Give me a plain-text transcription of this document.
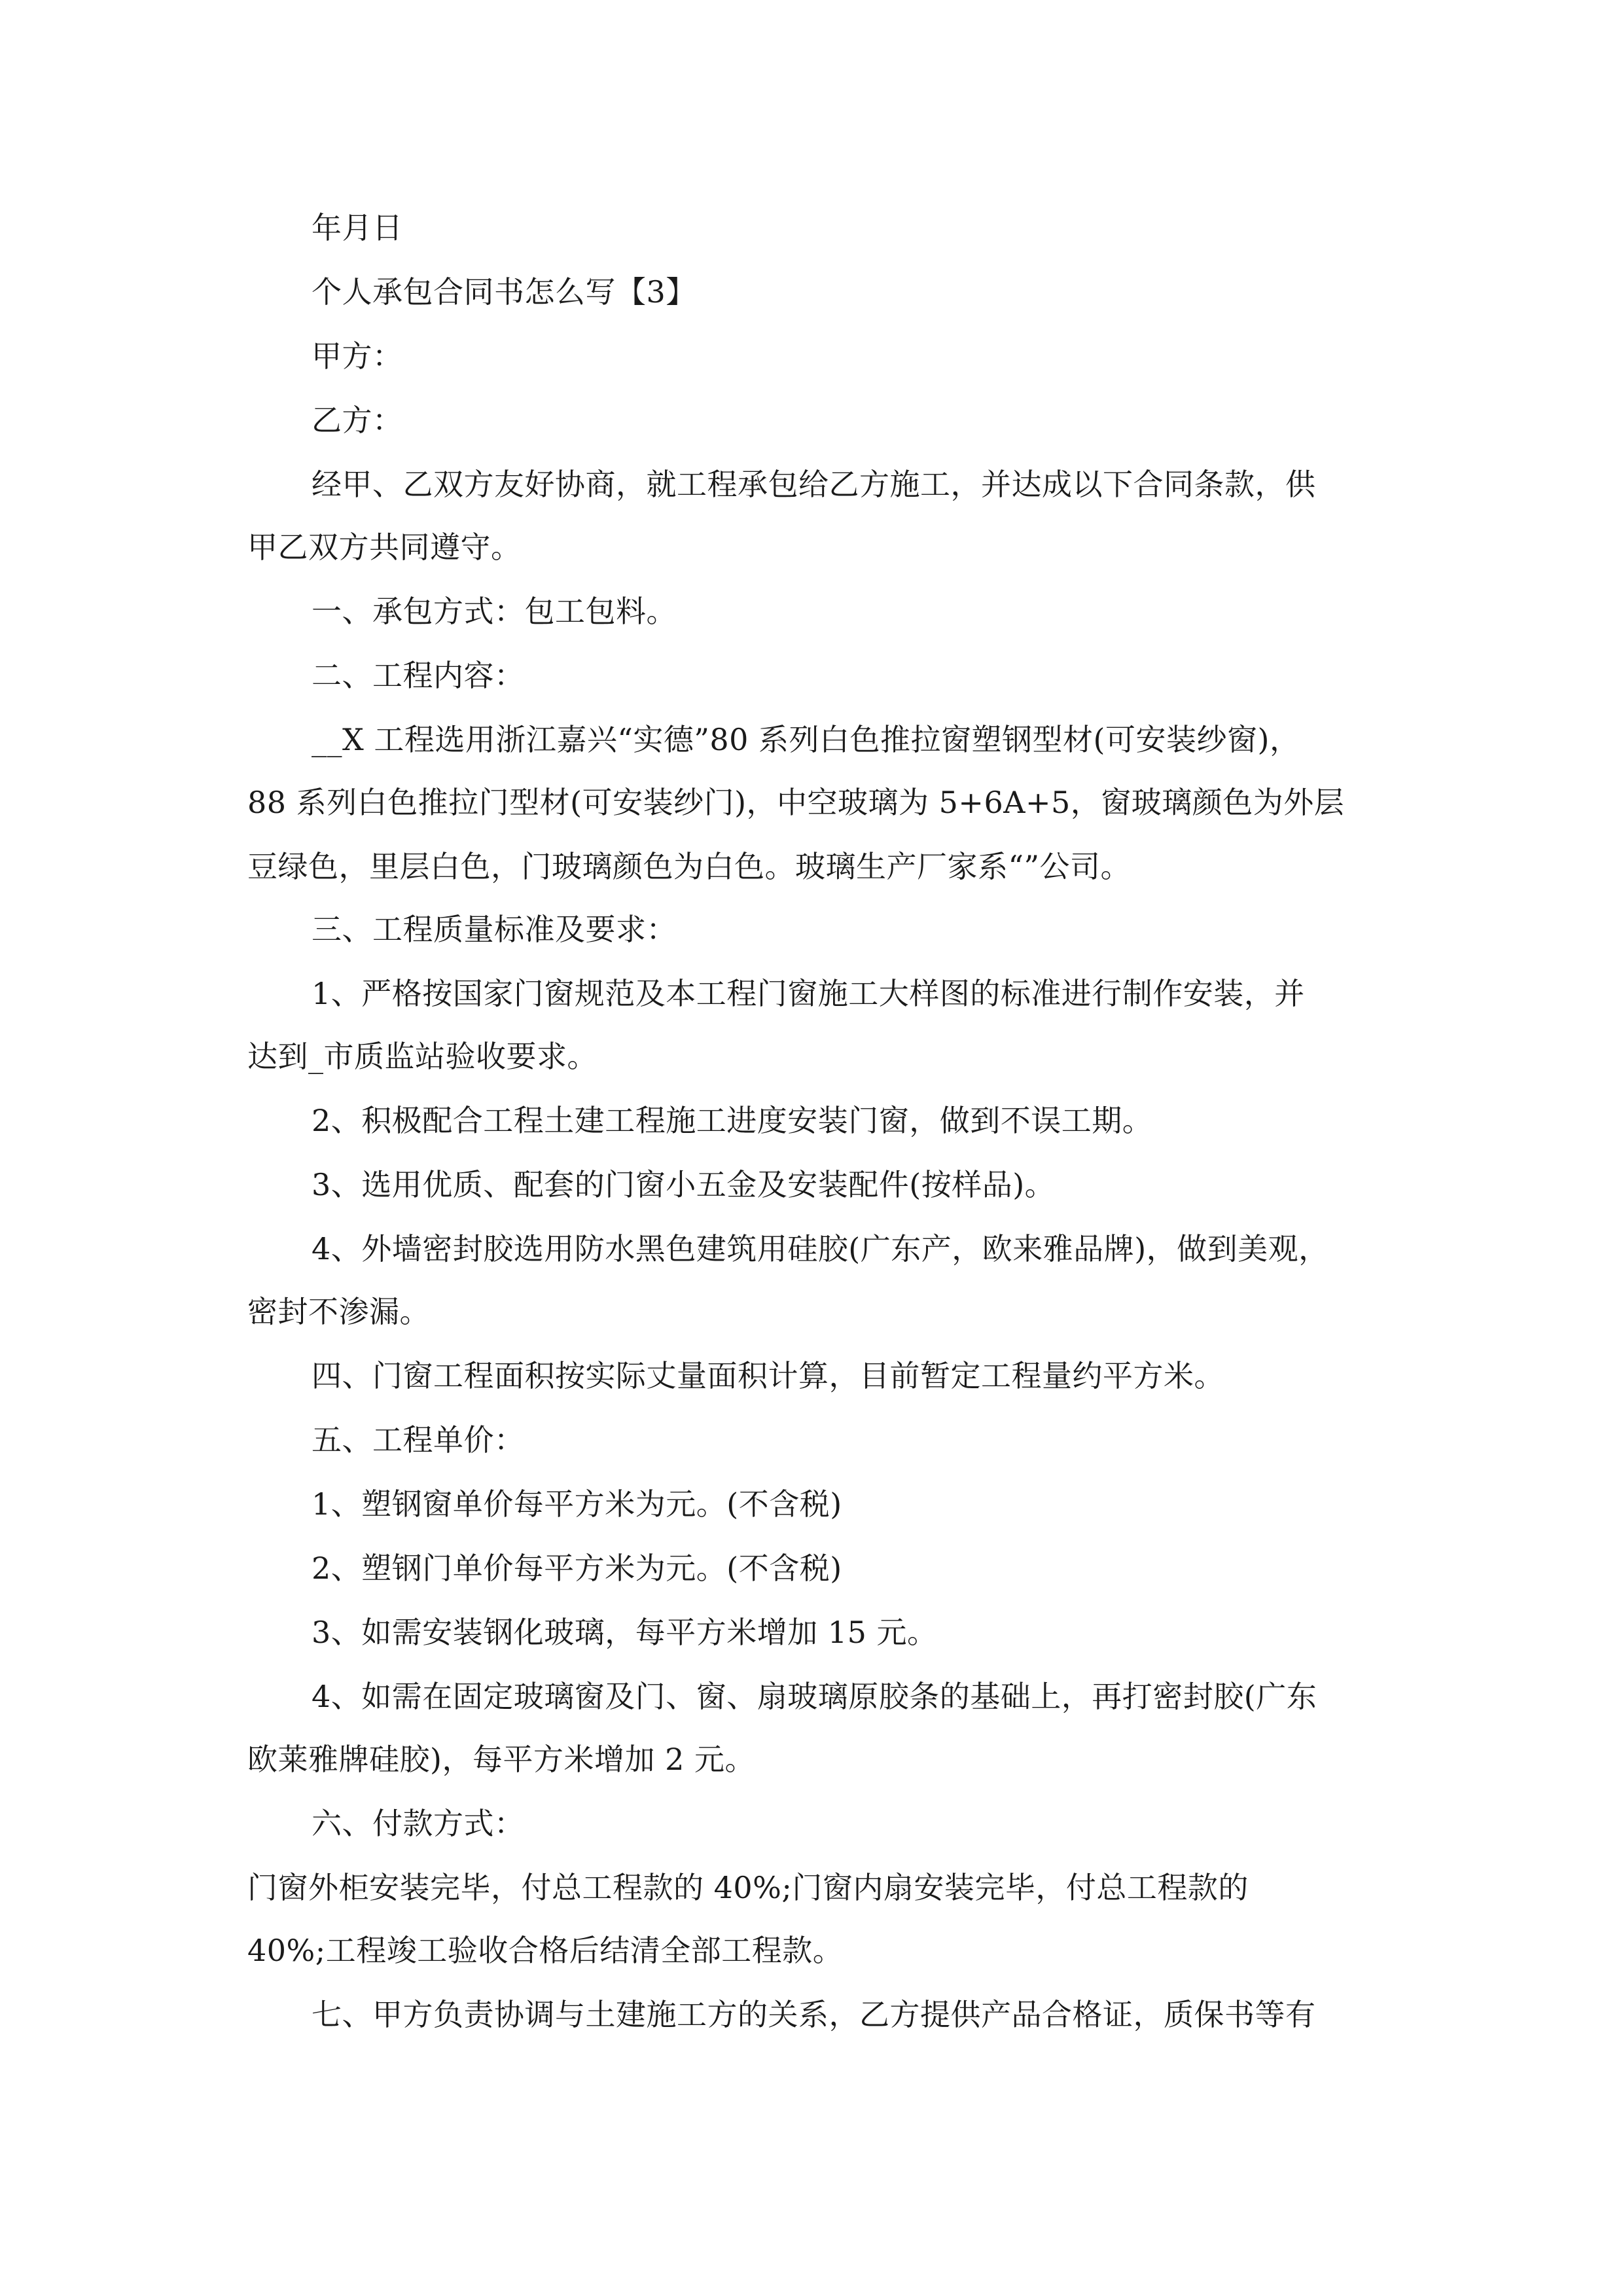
年月日
个人承包合同书怎么写【3】
甲方：
乙方：
经甲、乙双方友好协商，就工程承包给乙方施工，并达成以下合同条款，供
甲乙双方共同遵守。
一、承包方式：包工包料。
二、工程内容：
__X 工程选用浙江嘉兴“实德”80 系列白色推拉窗塑钢型材(可安装纱窗)，
88 系列白色推拉门型材(可安装纱门)，中空玻璃为 5+6A+5，窗玻璃颜色为外层
豆绿色，里层白色，门玻璃颜色为白色。玻璃生产厂家系“”公司。
三、工程质量标准及要求：
1、严格按国家门窗规范及本工程门窗施工大样图的标准进行制作安装，并
达到_市质监站验收要求。
2、积极配合工程土建工程施工进度安装门窗，做到不误工期。
3、选用优质、配套的门窗小五金及安装配件(按样品)。
4、外墙密封胶选用防水黑色建筑用硅胶(广东产，欧来雅品牌)，做到美观，
密封不渗漏。
四、门窗工程面积按实际丈量面积计算，目前暂定工程量约平方米。
五、工程单价：
1、塑钢窗单价每平方米为元。(不含税)
2、塑钢门单价每平方米为元。(不含税)
3、如需安装钢化玻璃，每平方米增加 15 元。
4、如需在固定玻璃窗及门、窗、扇玻璃原胶条的基础上，再打密封胶(广东
欧莱雅牌硅胶)，每平方米增加 2 元。
六、付款方式：
门窗外柜安装完毕，付总工程款的 40%;门窗内扇安装完毕，付总工程款的
40%;工程竣工验收合格后结清全部工程款。
七、甲方负责协调与土建施工方的关系，乙方提供产品合格证，质保书等有
